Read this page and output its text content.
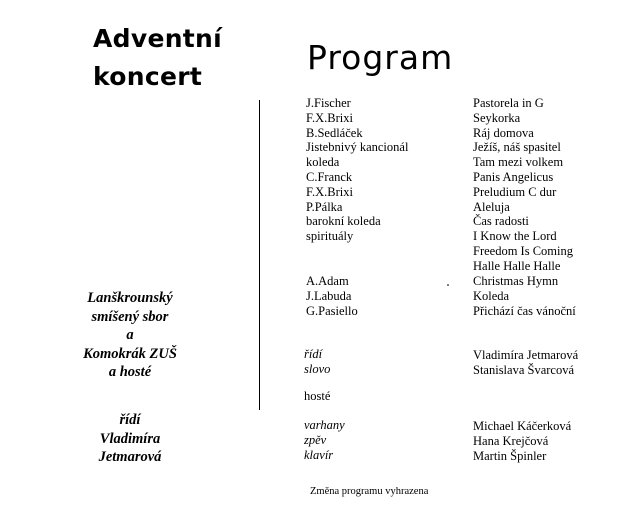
Adventní
koncert	Program
J.Fischer
F.X.Brixi
B.Sedláček
Jistebnivý kancionál
koleda
C.Franck
F.X.Brixi
P.Pálka
barokní koleda
spirituály
Pastorela in G
Seykorka
Ráj domova
Ježíš, náš spasitel
Tam mezi volkem
Panis Angelicus
Preludium C dur
Aleluja
Čas radosti
I Know the Lord
Freedom Is Coming
Halle Halle Halle
A.Adam
J.Labuda
G.Pasiello
Christmas Hymn
Koleda
Přichází čas vánoční
řídí
slovo
Vladimíra Jetmarová
Stanislava Švarcová
hosté
varhany
zpěv
klavír
Michael Káčerková
Hana Krejčová
Martin Špinler
Lanškrounský
smíšený sbor
a
Komokrák ZUŠ
a hosté
řídí
Vladimíra
Jetmarová
Změna programu vyhrazena
